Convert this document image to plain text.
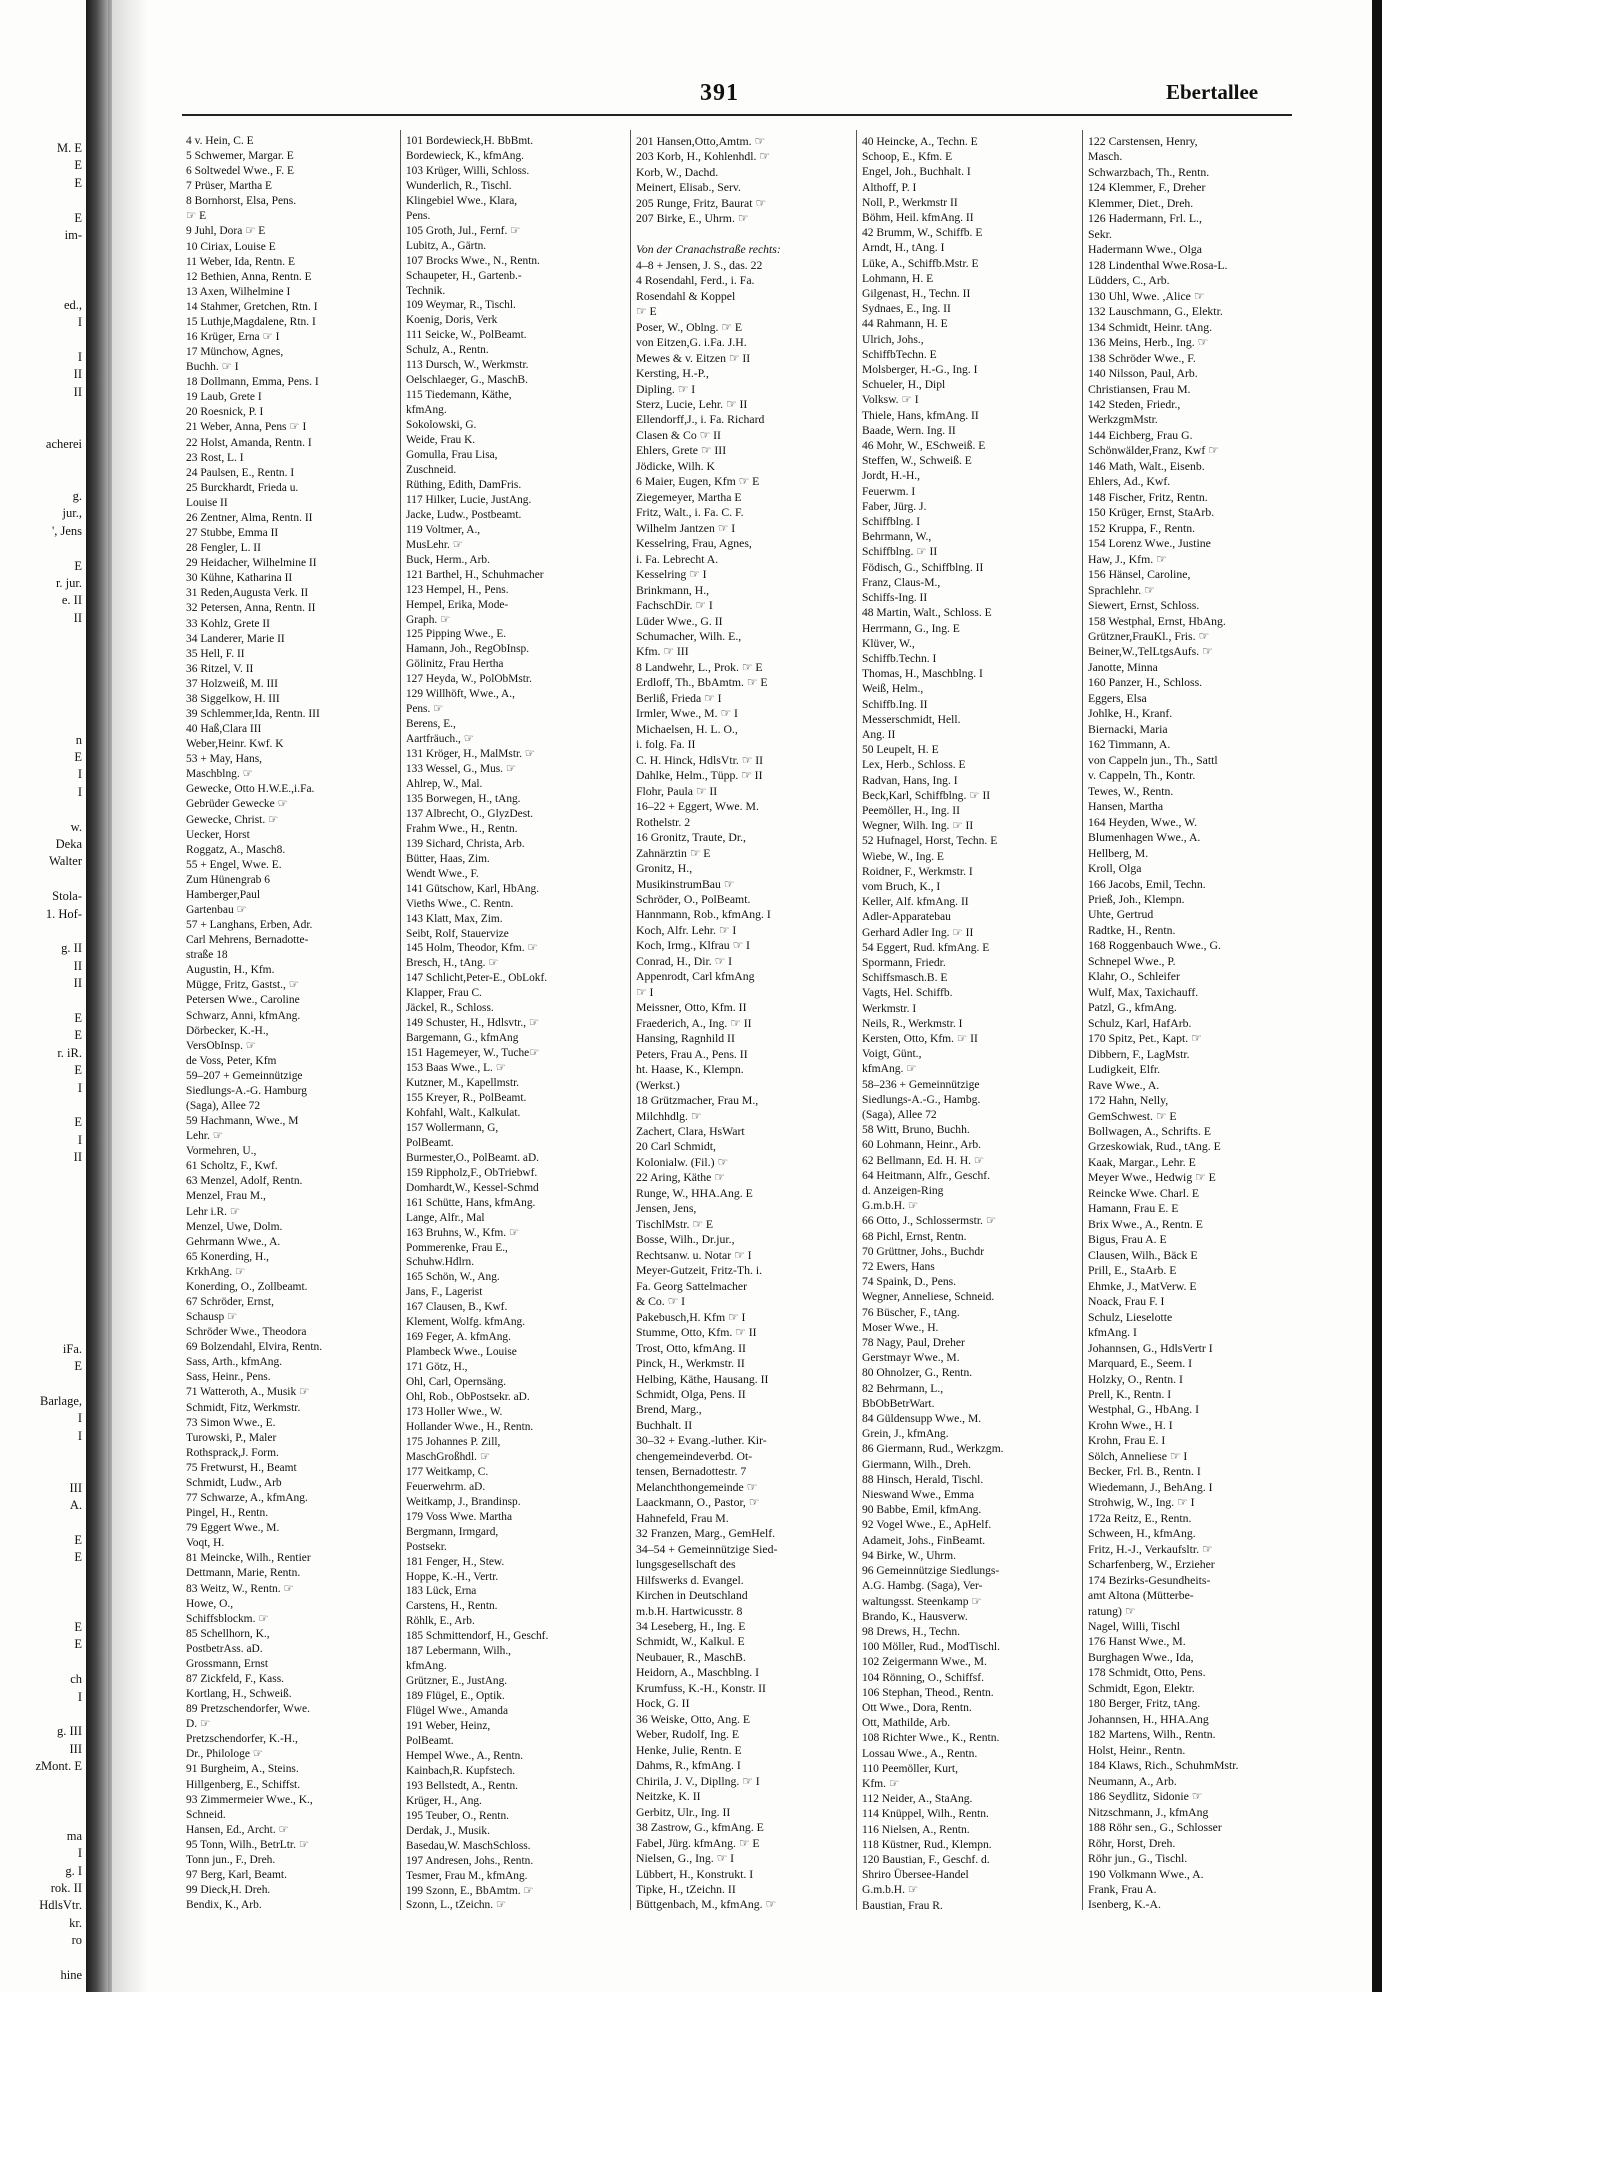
M. E
E
E
E
im-
ed.,
I
I
II
II
acherei
g.
jur.,
', Jens
E
r. jur.
e. II
II
n
E
I
I
w.
Deka
Walter
Stola-
1. Hof-
g. II
II
II
E
E
r. iR.
E
I
E
I
II
iFa.
E
Barlage,
I
I
III
A.
E
E
E
E
ch
I
g. III
III
zMont. E
ma
I
g. I
rok. II
HdlsVtr.
kr.
ro
hine
391	Ebertallee
4 v. Hein, C. E
5 Schwemer, Margar. E
6 Soltwedel Wwe., F. E
7 Prüser, Martha E
8 Bornhorst, Elsa, Pens.
☞ E
9 Juhl, Dora ☞ E
10 Ciriax, Louise E
11 Weber, Ida, Rentn. E
12 Bethien, Anna, Rentn. E
13 Axen, Wilhelmine I
14 Stahmer, Gretchen, Rtn. I
15 Luthje,Magdalene, Rtn. I
16 Krüger, Erna ☞ I
17 Münchow, Agnes,
Buchh. ☞ I
18 Dollmann, Emma, Pens. I
19 Laub, Grete I
20 Roesnick, P. I
21 Weber, Anna, Pens ☞ I
22 Holst, Amanda, Rentn. I
23 Rost, L. I
24 Paulsen, E., Rentn. I
25 Burckhardt, Frieda u.
Louise II
26 Zentner, Alma, Rentn. II
27 Stubbe, Emma II
28 Fengler, L. II
29 Heidacher, Wilhelmine II
30 Kühne, Katharina II
31 Reden,Augusta Verk. II
32 Petersen, Anna, Rentn. II
33 Kohlz, Grete II
34 Landerer, Marie II
35 Hell, F. II
36 Ritzel, V. II
37 Holzweiß, M. III
38 Siggelkow, H. III
39 Schlemmer,Ida, Rentn. III
40 Haß,Clara III
Weber,Heinr. Kwf. K
53 + May, Hans,
Maschblng. ☞
Gewecke, Otto H.W.E.,i.Fa.
Gebrüder Gewecke ☞
Gewecke, Christ. ☞
Uecker, Horst
Roggatz, A., Masch8.
55 + Engel, Wwe. E.
Zum Hünengrab 6
Hamberger,Paul
Gartenbau ☞
57 + Langhans, Erben, Adr.
Carl Mehrens, Bernadotte-
straße 18
Augustin, H., Kfm.
Mügge, Fritz, Gastst., ☞
Petersen Wwe., Caroline
Schwarz, Anni, kfmAng.
Dörbecker, K.-H.,
VersObInsp. ☞
de Voss, Peter, Kfm
59–207 + Gemeinnützige
Siedlungs-A.-G. Hamburg
(Saga), Allee 72
59 Hachmann, Wwe., M
Lehr. ☞
Vormehren, U.,
61 Scholtz, F., Kwf.
63 Menzel, Adolf, Rentn.
Menzel, Frau M.,
Lehr i.R. ☞
Menzel, Uwe, Dolm.
Gehrmann Wwe., A.
65 Konerding, H.,
KrkhAng. ☞
Konerding, O., Zollbeamt.
67 Schröder, Ernst,
Schausp ☞
Schröder Wwe., Theodora
69 Bolzendahl, Elvira, Rentn.
Sass, Arth., kfmAng.
Sass, Heinr., Pens.
71 Watteroth, A., Musik ☞
Schmidt, Fitz, Werkmstr.
73 Simon Wwe., E.
Turowski, P., Maler
Rothsprack,J. Form.
75 Fretwurst, H., Beamt
Schmidt, Ludw., Arb
77 Schwarze, A., kfmAng.
Pingel, H., Rentn.
79 Eggert Wwe., M.
Voqt, H.
81 Meincke, Wilh., Rentier
Dettmann, Marie, Rentn.
83 Weitz, W., Rentn. ☞
Howe, O.,
Schiffsblockm. ☞
85 Schellhorn, K.,
PostbetrAss. aD.
Grossmann, Ernst
87 Zickfeld, F., Kass.
Kortlang, H., Schweiß.
89 Pretzschendorfer, Wwe.
D. ☞
Pretzschendorfer, K.-H.,
Dr., Philologe ☞
91 Burgheim, A., Steins.
Hillgenberg, E., Schiffst.
93 Zimmermeier Wwe., K.,
Schneid.
Hansen, Ed., Archt. ☞
95 Tonn, Wilh., BetrLtr. ☞
Tonn jun., F., Dreh.
97 Berg, Karl, Beamt.
99 Dieck,H. Dreh.
Bendix, K., Arb.
101 Bordewieck,H. BbBmt.
Bordewieck, K., kfmAng.
103 Krüger, Willi, Schloss.
Wunderlich, R., Tischl.
Klingebiel Wwe., Klara,
Pens.
105 Groth, Jul., Fernf. ☞
Lubitz, A., Gärtn.
107 Brocks Wwe., N., Rentn.
Schaupeter, H., Gartenb.-
Technik.
109 Weymar, R., Tischl.
Koenig, Doris, Verk
111 Seicke, W., PolBeamt.
Schulz, A., Rentn.
113 Dursch, W., Werkmstr.
Oelschlaeger, G., MaschB.
115 Tiedemann, Käthe,
kfmAng.
Sokolowski, G.
Weide, Frau K.
Gomulla, Frau Lisa,
Zuschneid.
Rüthing, Edith, DamFris.
117 Hilker, Lucie, JustAng.
Jacke, Ludw., Postbeamt.
119 Voltmer, A.,
MusLehr. ☞
Buck, Herm., Arb.
121 Barthel, H., Schuhmacher
123 Hempel, H., Pens.
Hempel, Erika, Mode-
Graph. ☞
125 Pipping Wwe., E.
Hamann, Joh., RegObInsp.
Gölinitz, Frau Hertha
127 Heyda, W., PolObMstr.
129 Willhöft, Wwe., A.,
Pens. ☞
Berens, E.,
Aartfräuch., ☞
131 Kröger, H., MalMstr. ☞
133 Wessel, G., Mus. ☞
Ahlrep, W., Mal.
135 Borwegen, H., tAng.
137 Albrecht, O., GlyzDest.
Frahm Wwe., H., Rentn.
139 Sichard, Christa, Arb.
Bütter, Haas, Zim.
Wendt Wwe., F.
141 Gütschow, Karl, HbAng.
Vieths Wwe., C. Rentn.
143 Klatt, Max, Zim.
Seibt, Rolf, Stauervize
145 Holm, Theodor, Kfm. ☞
Bresch, H., tAng. ☞
147 Schlicht,Peter-E., ObLokf.
Klapper, Frau C.
Jäckel, R., Schloss.
149 Schuster, H., Hdlsvtr., ☞
Bargemann, G., kfmAng
151 Hagemeyer, W., Tuche☞
153 Baas Wwe., L. ☞
Kutzner, M., Kapellmstr.
155 Kreyer, R., PolBeamt.
Kohfahl, Walt., Kalkulat.
157 Wollermann, G,
PolBeamt.
Burmester,O., PolBeamt. aD.
159 Rippholz,F., ObTriebwf.
Domhardt,W., Kessel-Schmd
161 Schütte, Hans, kfmAng.
Lange, Alfr., Mal
163 Bruhns, W., Kfm. ☞
Pommerenke, Frau E.,
Schuhw.Hdlrn.
165 Schön, W., Ang.
Jans, F., Lagerist
167 Clausen, B., Kwf.
Klement, Wolfg. kfmAng.
169 Feger, A. kfmAng.
Plambeck Wwe., Louise
171 Götz, H.,
Ohl, Carl, Opernsäng.
Ohl, Rob., ObPostsekr. aD.
173 Holler Wwe., W.
Hollander Wwe., H., Rentn.
175 Johannes P. Zill,
MaschGroßhdl. ☞
177 Weitkamp, C.
Feuerwehrm. aD.
Weitkamp, J., Brandinsp.
179 Voss Wwe. Martha
Bergmann, Irmgard,
Postsekr.
181 Fenger, H., Stew.
Hoppe, K.-H., Vertr.
183 Lück, Erna
Carstens, H., Rentn.
Röhlk, E., Arb.
185 Schmittendorf, H., Geschf.
187 Lebermann, Wilh.,
kfmAng.
Grützner, E., JustAng.
189 Flügel, E., Optik.
Flügel Wwe., Amanda
191 Weber, Heinz,
PolBeamt.
Hempel Wwe., A., Rentn.
Kainbach,R. Kupfstech.
193 Bellstedt, A., Rentn.
Krüger, H., Ang.
195 Teuber, O., Rentn.
Derdak, J., Musik.
Basedau,W. MaschSchloss.
197 Andresen, Johs., Rentn.
Tesmer, Frau M., kfmAng.
199 Szonn, E., BbAmtm. ☞
Szonn, L., tZeichn. ☞
201 Hansen,Otto,Amtm. ☞
203 Korb, H., Kohlenhdl. ☞
Korb, W., Dachd.
Meinert, Elisab., Serv.
205 Runge, Fritz, Baurat ☞
207 Birke, E., Uhrm. ☞
Von der Cranachstraße rechts:
4–8 + Jensen, J. S., das. 22
4 Rosendahl, Ferd., i. Fa.
Rosendahl & Koppel
☞ E
Poser, W., Oblng. ☞ E
von Eitzen,G. i.Fa. J.H.
Mewes & v. Eitzen ☞ II
Kersting, H.-P.,
Dipling. ☞ I
Sterz, Lucie, Lehr. ☞ II
Ellendorff,J., i. Fa. Richard
Clasen & Co ☞ II
Ehlers, Grete ☞ III
Jödicke, Wilh. K
6 Maier, Eugen, Kfm ☞ E
Ziegemeyer, Martha E
Fritz, Walt., i. Fa. C. F.
Wilhelm Jantzen ☞ I
Kesselring, Frau, Agnes,
i. Fa. Lebrecht A.
Kesselring ☞ I
Brinkmann, H.,
FachschDir. ☞ I
Lüder Wwe., G. II
Schumacher, Wilh. E.,
Kfm. ☞ III
8 Landwehr, L., Prok. ☞ E
Erdloff, Th., BbAmtm. ☞ E
Berliß, Frieda ☞ I
Irmler, Wwe., M. ☞ I
Michaelsen, H. L. O.,
i. folg. Fa. II
C. H. Hinck, HdlsVtr. ☞ II
Dahlke, Helm., Tüpp. ☞ II
Flohr, Paula ☞ II
16–22 + Eggert, Wwe. M.
Rothelstr. 2
16 Gronitz, Traute, Dr.,
Zahnärztin ☞ E
Gronitz, H.,
MusikinstrumBau ☞
Schröder, O., PolBeamt.
Hannmann, Rob., kfmAng. I
Koch, Alfr. Lehr. ☞ I
Koch, Irmg., Klfrau ☞ I
Conrad, H., Dir. ☞ I
Appenrodt, Carl kfmAng
☞ I
Meissner, Otto, Kfm. II
Fraederich, A., Ing. ☞ II
Hansing, Ragnhild II
Peters, Frau A., Pens. II
ht. Haase, K., Klempn.
(Werkst.)
18 Grützmacher, Frau M.,
Milchhdlg. ☞
Zachert, Clara, HsWart
20 Carl Schmidt,
Kolonialw. (Fil.) ☞
22 Aring, Käthe ☞
Runge, W., HHA.Ang. E
Jensen, Jens,
TischlMstr. ☞ E
Bosse, Wilh., Dr.jur.,
Rechtsanw. u. Notar ☞ I
Meyer-Gutzeit, Fritz-Th. i.
Fa. Georg Sattelmacher
& Co. ☞ I
Pakebusch,H. Kfm ☞ I
Stumme, Otto, Kfm. ☞ II
Trost, Otto, kfmAng. II
Pinck, H., Werkmstr. II
Helbing, Käthe, Hausang. II
Schmidt, Olga, Pens. II
Brend, Marg.,
Buchhalt. II
30–32 + Evang.-luther. Kir-
chengemeindeverbd. Ot-
tensen, Bernadottestr. 7
Melanchthongemeinde ☞
Laackmann, O., Pastor, ☞
Hahnefeld, Frau M.
32 Franzen, Marg., GemHelf.
34–54 + Gemeinnützige Sied-
lungsgesellschaft des
Hilfswerks d. Evangel.
Kirchen in Deutschland
m.b.H. Hartwicusstr. 8
34 Leseberg, H., Ing. E
Schmidt, W., Kalkul. E
Neubauer, R., MaschB.
Heidorn, A., Maschblng. I
Krumfuss, K.-H., Konstr. II
Hock, G. II
36 Weiske, Otto, Ang. E
Weber, Rudolf, Ing. E
Henke, Julie, Rentn. E
Dahms, R., kfmAng. I
Chirila, J. V., Dipllng. ☞ I
Neitzke, K. II
Gerbitz, Ulr., Ing. II
38 Zastrow, G., kfmAng. E
Fabel, Jürg. kfmAng. ☞ E
Nielsen, G., Ing. ☞ I
Lübbert, H., Konstrukt. I
Tipke, H., tZeichn. II
Büttgenbach, M., kfmAng. ☞
40 Heincke, A., Techn. E
Schoop, E., Kfm. E
Engel, Joh., Buchhalt. I
Althoff, P. I
Noll, P., Werkmstr II
Böhm, Heil. kfmAng. II
42 Brumm, W., Schiffb. E
Arndt, H., tAng. I
Lüke, A., Schiffb.Mstr. E
Lohmann, H. E
Gilgenast, H., Techn. II
Sydnaes, E., Ing. II
44 Rahmann, H. E
Ulrich, Johs.,
SchiffbTechn. E
Molsberger, H.-G., Ing. I
Schueler, H., Dipl
Volksw. ☞ I
Thiele, Hans, kfmAng. II
Baade, Wern. Ing. II
46 Mohr, W., ESchweiß. E
Steffen, W., Schweiß. E
Jordt, H.-H.,
Feuerwm. I
Faber, Jürg. J.
Schiffblng. I
Behrmann, W.,
Schiffblng. ☞ II
Födisch, G., Schiffblng. II
Franz, Claus-M.,
Schiffs-Ing. II
48 Martin, Walt., Schloss. E
Herrmann, G., Ing. E
Klüver, W.,
Schiffb.Techn. I
Thomas, H., Maschblng. I
Weiß, Helm.,
Schiffb.Ing. II
Messerschmidt, Hell.
Ang. II
50 Leupelt, H. E
Lex, Herb., Schloss. E
Radvan, Hans, Ing. I
Beck,Karl, Schiffblng. ☞ II
Peemöller, H., Ing. II
Wegner, Wilh. Ing. ☞ II
52 Hufnagel, Horst, Techn. E
Wiebe, W., Ing. E
Roidner, F., Werkmstr. I
vom Bruch, K., I
Keller, Alf. kfmAng. II
Adler-Apparatebau
Gerhard Adler Ing. ☞ II
54 Eggert, Rud. kfmAng. E
Spormann, Friedr.
Schiffsmasch.B. E
Vagts, Hel. Schiffb.
Werkmstr. I
Neils, R., Werkmstr. I
Kersten, Otto, Kfm. ☞ II
Voigt, Günt.,
kfmAng. ☞
58–236 + Gemeinnützige
Siedlungs-A.-G., Hambg.
(Saga), Allee 72
58 Witt, Bruno, Buchh.
60 Lohmann, Heinr., Arb.
62 Bellmann, Ed. H. H. ☞
64 Heitmann, Alfr., Geschf.
d. Anzeigen-Ring
G.m.b.H. ☞
66 Otto, J., Schlossermstr. ☞
68 Pichl, Ernst, Rentn.
70 Grüttner, Johs., Buchdr
72 Ewers, Hans
74 Spaink, D., Pens.
Wegner, Anneliese, Schneid.
76 Büscher, F., tAng.
Moser Wwe., H.
78 Nagy, Paul, Dreher
Gerstmayr Wwe., M.
80 Ohnolzer, G., Rentn.
82 Behrmann, L.,
BbObBetrWart.
84 Güldensupp Wwe., M.
Grein, J., kfmAng.
86 Giermann, Rud., Werkzgm.
Giermann, Wilh., Dreh.
88 Hinsch, Herald, Tischl.
Nieswand Wwe., Emma
90 Babbe, Emil, kfmAng.
92 Vogel Wwe., E., ApHelf.
Adameit, Johs., FinBeamt.
94 Birke, W., Uhrm.
96 Gemeinnützige Siedlungs-
A.G. Hambg. (Saga), Ver-
waltungsst. Steenkamp ☞
Brando, K., Hausverw.
98 Drews, H., Techn.
100 Möller, Rud., ModTischl.
102 Zeigermann Wwe., M.
104 Rönning, O., Schiffsf.
106 Stephan, Theod., Rentn.
Ott Wwe., Dora, Rentn.
Ott, Mathilde, Arb.
108 Richter Wwe., K., Rentn.
Lossau Wwe., A., Rentn.
110 Peemöller, Kurt,
Kfm. ☞
112 Neider, A., StaAng.
114 Knüppel, Wilh., Rentn.
116 Nielsen, A., Rentn.
118 Küstner, Rud., Klempn.
120 Baustian, F., Geschf. d.
Shriro Übersee-Handel
G.m.b.H. ☞
Baustian, Frau R.
122 Carstensen, Henry,
Masch.
Schwarzbach, Th., Rentn.
124 Klemmer, F., Dreher
Klemmer, Diet., Dreh.
126 Hadermann, Frl. L.,
Sekr.
Hadermann Wwe., Olga
128 Lindenthal Wwe.Rosa-L.
Lüdders, C., Arb.
130 Uhl, Wwe. ,Alice ☞
132 Lauschmann, G., Elektr.
134 Schmidt, Heinr. tAng.
136 Meins, Herb., Ing. ☞
138 Schröder Wwe., F.
140 Nilsson, Paul, Arb.
Christiansen, Frau M.
142 Steden, Friedr.,
WerkzgmMstr.
144 Eichberg, Frau G.
Schönwälder,Franz, Kwf ☞
146 Math, Walt., Eisenb.
Ehlers, Ad., Kwf.
148 Fischer, Fritz, Rentn.
150 Krüger, Ernst, StaArb.
152 Kruppa, F., Rentn.
154 Lorenz Wwe., Justine
Haw, J., Kfm. ☞
156 Hänsel, Caroline,
Sprachlehr. ☞
Siewert, Ernst, Schloss.
158 Westphal, Ernst, HbAng.
Grützner,FrauKl., Fris. ☞
Beiner,W.,TelLtgsAufs. ☞
Janotte, Minna
160 Panzer, H., Schloss.
Eggers, Elsa
Johlke, H., Kranf.
Biernacki, Maria
162 Timmann, A.
von Cappeln jun., Th., Sattl
v. Cappeln, Th., Kontr.
Tewes, W., Rentn.
Hansen, Martha
164 Heyden, Wwe., W.
Blumenhagen Wwe., A.
Hellberg, M.
Kroll, Olga
166 Jacobs, Emil, Techn.
Prieß, Joh., Klempn.
Uhte, Gertrud
Radtke, H., Rentn.
168 Roggenbauch Wwe., G.
Schnepel Wwe., P.
Klahr, O., Schleifer
Wulf, Max, Taxichauff.
Patzl, G., kfmAng.
Schulz, Karl, HafArb.
170 Spitz, Pet., Kapt. ☞
Dibbern, F., LagMstr.
Ludigkeit, Elfr.
Rave Wwe., A.
172 Hahn, Nelly,
GemSchwest. ☞ E
Bollwagen, A., Schrifts. E
Grzeskowiak, Rud., tAng. E
Kaak, Margar., Lehr. E
Meyer Wwe., Hedwig ☞ E
Reincke Wwe. Charl. E
Hamann, Frau E. E
Brix Wwe., A., Rentn. E
Bigus, Frau A. E
Clausen, Wilh., Bäck E
Prill, E., StaArb. E
Ehmke, J., MatVerw. E
Noack, Frau F. I
Schulz, Lieselotte
kfmAng. I
Johannsen, G., HdlsVertr I
Marquard, E., Seem. I
Holzky, O., Rentn. I
Prell, K., Rentn. I
Westphal, G., HbAng. I
Krohn Wwe., H. I
Krohn, Frau E. I
Sölch, Anneliese ☞ I
Becker, Frl. B., Rentn. I
Wiedemann, J., BehAng. I
Strohwig, W., Ing. ☞ I
172a Reitz, E., Rentn.
Schween, H., kfmAng.
Fritz, H.-J., Verkaufsltr. ☞
Scharfenberg, W., Erzieher
174 Bezirks-Gesundheits-
amt Altona (Mütterbe-
ratung) ☞
Nagel, Willi, Tischl
176 Hanst Wwe., M.
Burghagen Wwe., Ida,
178 Schmidt, Otto, Pens.
Schmidt, Egon, Elektr.
180 Berger, Fritz, tAng.
Johannsen, H., HHA.Ang
182 Martens, Wilh., Rentn.
Holst, Heinr., Rentn.
184 Klaws, Rich., SchuhmMstr.
Neumann, A., Arb.
186 Seydlitz, Sidonie ☞
Nitzschmann, J., kfmAng
188 Röhr sen., G., Schlosser
Röhr, Horst, Dreh.
Röhr jun., G., Tischl.
190 Volkmann Wwe., A.
Frank, Frau A.
Isenberg, K.-A.
